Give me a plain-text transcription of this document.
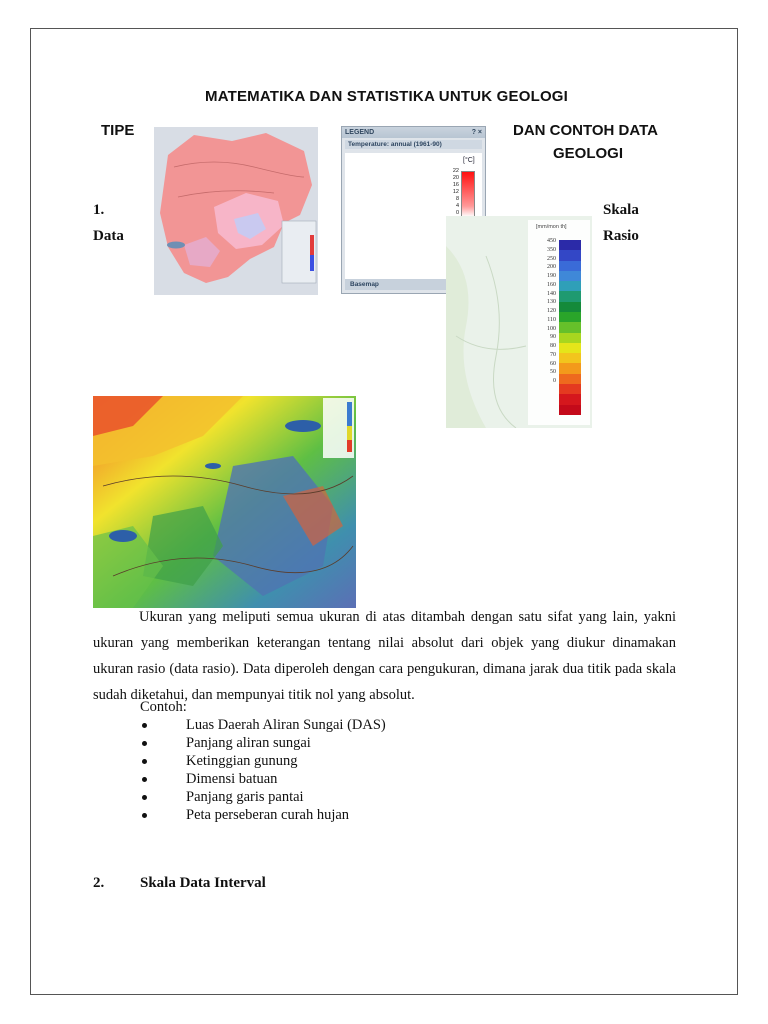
MATEMATIKA DAN STATISTIKA UNTUK GEOLOGI
TIPE	DAN CONTOH DATA
GEOLOGI
1.
Data
Skala
Rasio
LEGEND	? ×
Temperature: annual (1961-90)
[°C]
22
20
16
12
8
4
0
Basemap
[mm/mon th]
450
350
250
200
190
160
140
130
120
110
100
90
80
70
60
50
0
Ukuran yang meliputi semua ukuran di atas ditambah dengan satu sifat yang lain, yakni ukuran yang memberikan keterangan tentang nilai absolut dari objek yang diukur dinamakan ukuran rasio (data rasio). Data diperoleh dengan cara pengukuran, dimana jarak dua titik pada skala sudah diketahui, dan mempunyai titik nol yang absolut.
Contoh:
Luas Daerah Aliran Sungai (DAS)
Panjang aliran sungai
Ketinggian gunung
Dimensi batuan
Panjang garis pantai
Peta perseberan curah hujan
2. Skala Data Interval
